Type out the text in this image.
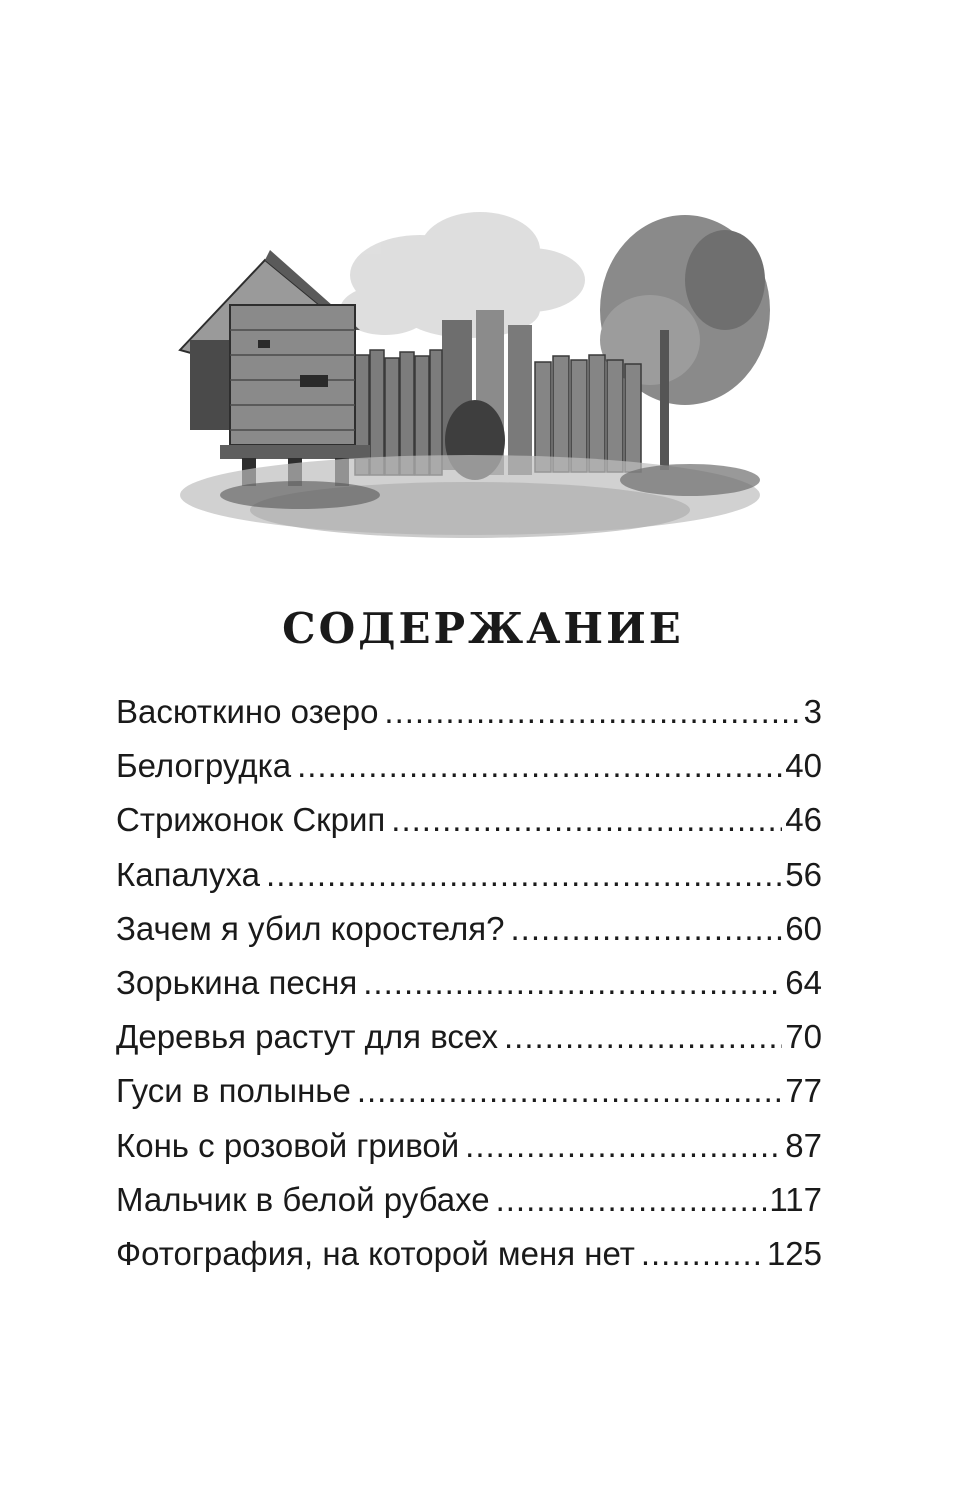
СОДЕРЖАНИЕ
Васюткино озеро .....	3
Белогрудка .....	40
Стрижонок Скрип .....	46
Капалуха .....	56
Зачем я убил коростеля? .....	60
Зорькина песня .....	64
Деревья растут для всех .....	70
Гуси в полынье .....	77
Конь с розовой гривой .....	87
Мальчик в белой рубахе .....	117
Фотография, на которой меня нет .....	125
